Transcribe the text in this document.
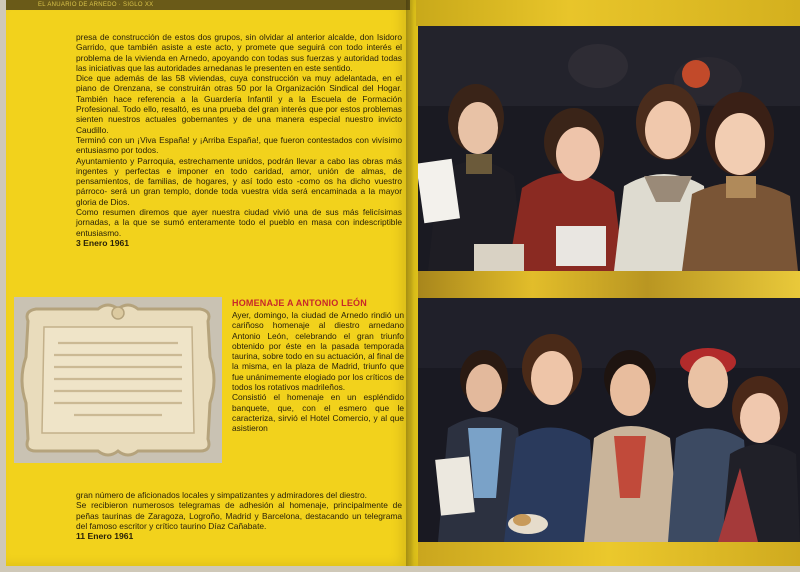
EL ANUARIO DE ARNEDO · SIGLO XX

presa de construcción de estos dos grupos, sin olvidar al anterior alcalde, don Isidoro Garrido, que también asiste a este acto, y promete que seguirá con todo interés el problema de la vivienda en Arnedo, apoyando con todas sus fuerzas y autoridad todas las iniciativas que las autoridades arnedanas le presenten en este sentido.

Dice que además de las 58 viviendas, cuya construcción va muy adelantada, en el piano de Orenzana, se construirán otras 50 por la Organización Sindical del Hogar. También hace referencia a la Guardería Infantil y a la Escuela de Formación Profesional. Todo ello, resaltó, es una prueba del gran interés que por estos problemas sienten nuestros actuales gobernantes y de una manera especial nuestro invicto Caudillo.

Terminó con un ¡Viva España! y ¡Arriba España!, que fueron contestados con vivísimo entusiasmo por todos.

Ayuntamiento y Parroquia, estrechamente unidos, podrán llevar a cabo las obras más ingentes y perfectas e imponer en todo caridad, amor, unión de almas, de pensamientos, de familias, de hogares, y así todo esto -como os ha dicho vuestro párroco- será un gran templo, donde toda vuestra vida será encaminada a la mayor gloria de Dios.

Como resumen diremos que ayer nuestra ciudad vivió una de sus más felicísimas jornadas, a la que se sumó enteramente todo el pueblo en masa con indescriptible entusiasmo.

3 Enero 1961

HOMENAJE A ANTONIO LEÓN

Ayer, domingo, la ciudad de Arnedo rindió un cariñoso homenaje al diestro arnedano Antonio León, celebrando el gran triunfo obtenido por éste en la pasada temporada taurina, sobre todo en su actuación, al final de la misma, en la plaza de Madrid, triunfo que fue unánimemente elogiado por los críticos de todos los rotativos madrileños.

Consistió el homenaje en un espléndido banquete, que, con el esmero que le caracteriza, sirvió el Hotel Comercio, y al que asistieron

gran número de aficionados locales y simpatizantes y admiradores del diestro.

Se recibieron numerosos telegramas de adhesión al homenaje, principalmente de peñas taurinas de Zaragoza, Logroño, Madrid y Barcelona, destacando un telegrama del famoso escritor y crítico taurino Díaz Cañabate.

11 Enero 1961
